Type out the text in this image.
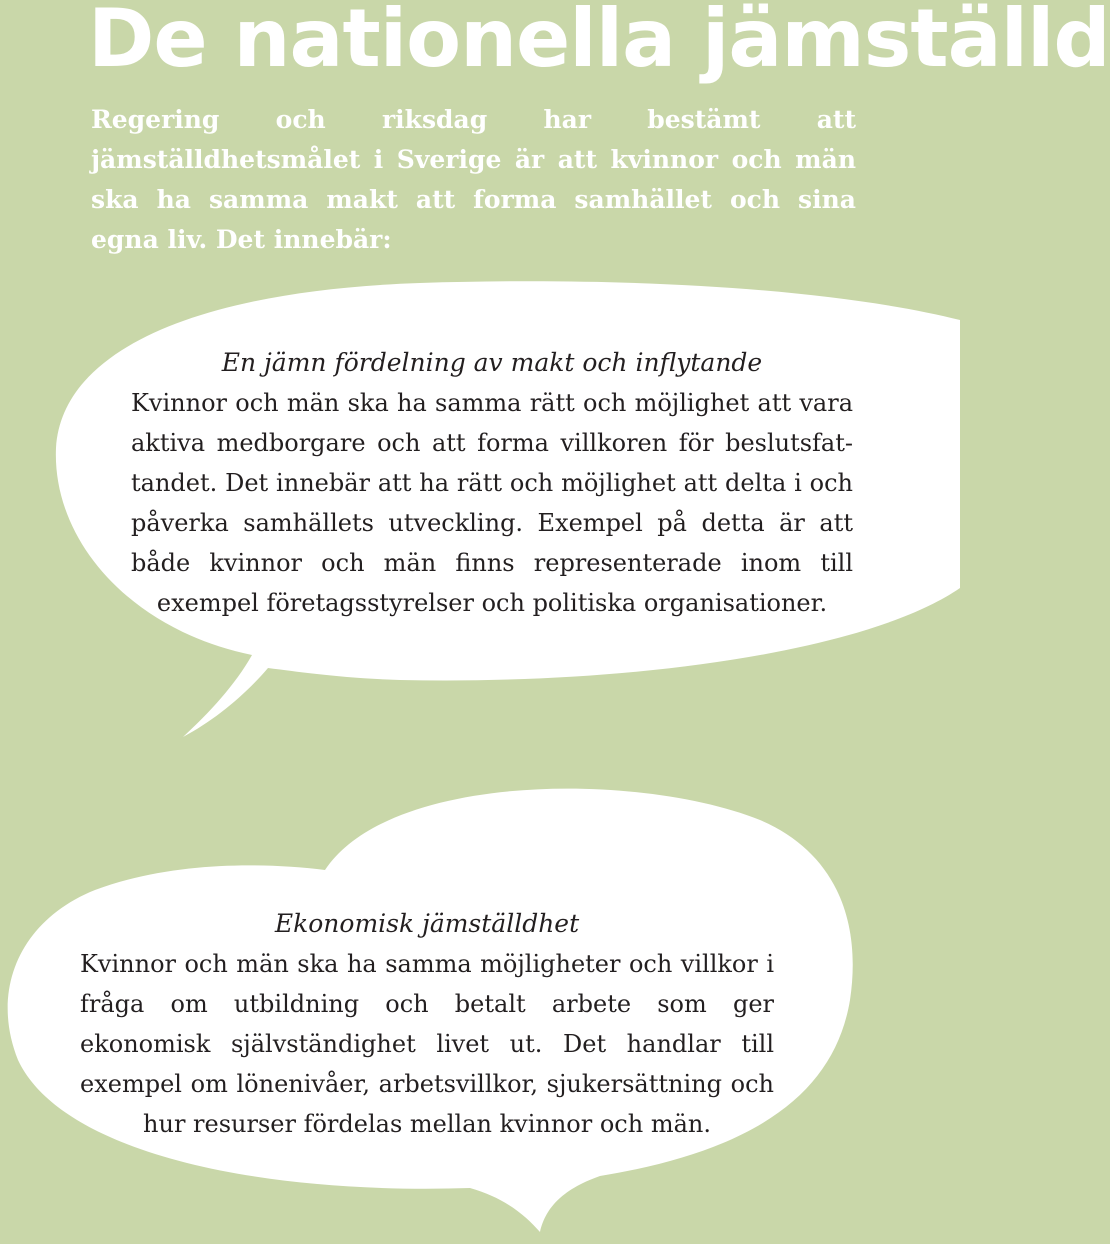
De nationella jämställd

Regering och riksdag har bestämt att jämställdhetsmålet i Sverige är att kvinnor och män ska ha samma makt att forma samhället och sina egna liv. Det innebär:

En jämn fördelning av makt och inflytande
Kvinnor och män ska ha samma rätt och möjlighet att vara aktiva medborgare och att forma villkoren för beslutsfattandet. Det innebär att ha rätt och möjlighet att delta i och påverka samhällets utveckling. Exempel på detta är att både kvinnor och män finns representerade inom till exempel företagsstyrelser och politiska organisationer.
Ekonomisk jämställdhet
Kvinnor och män ska ha samma möjligheter och villkor i fråga om utbildning och betalt arbete som ger ekonomisk självständighet livet ut. Det handlar till exempel om lönenivåer, arbetsvillkor, sjukersättning och hur resurser fördelas mellan kvinnor och män.
